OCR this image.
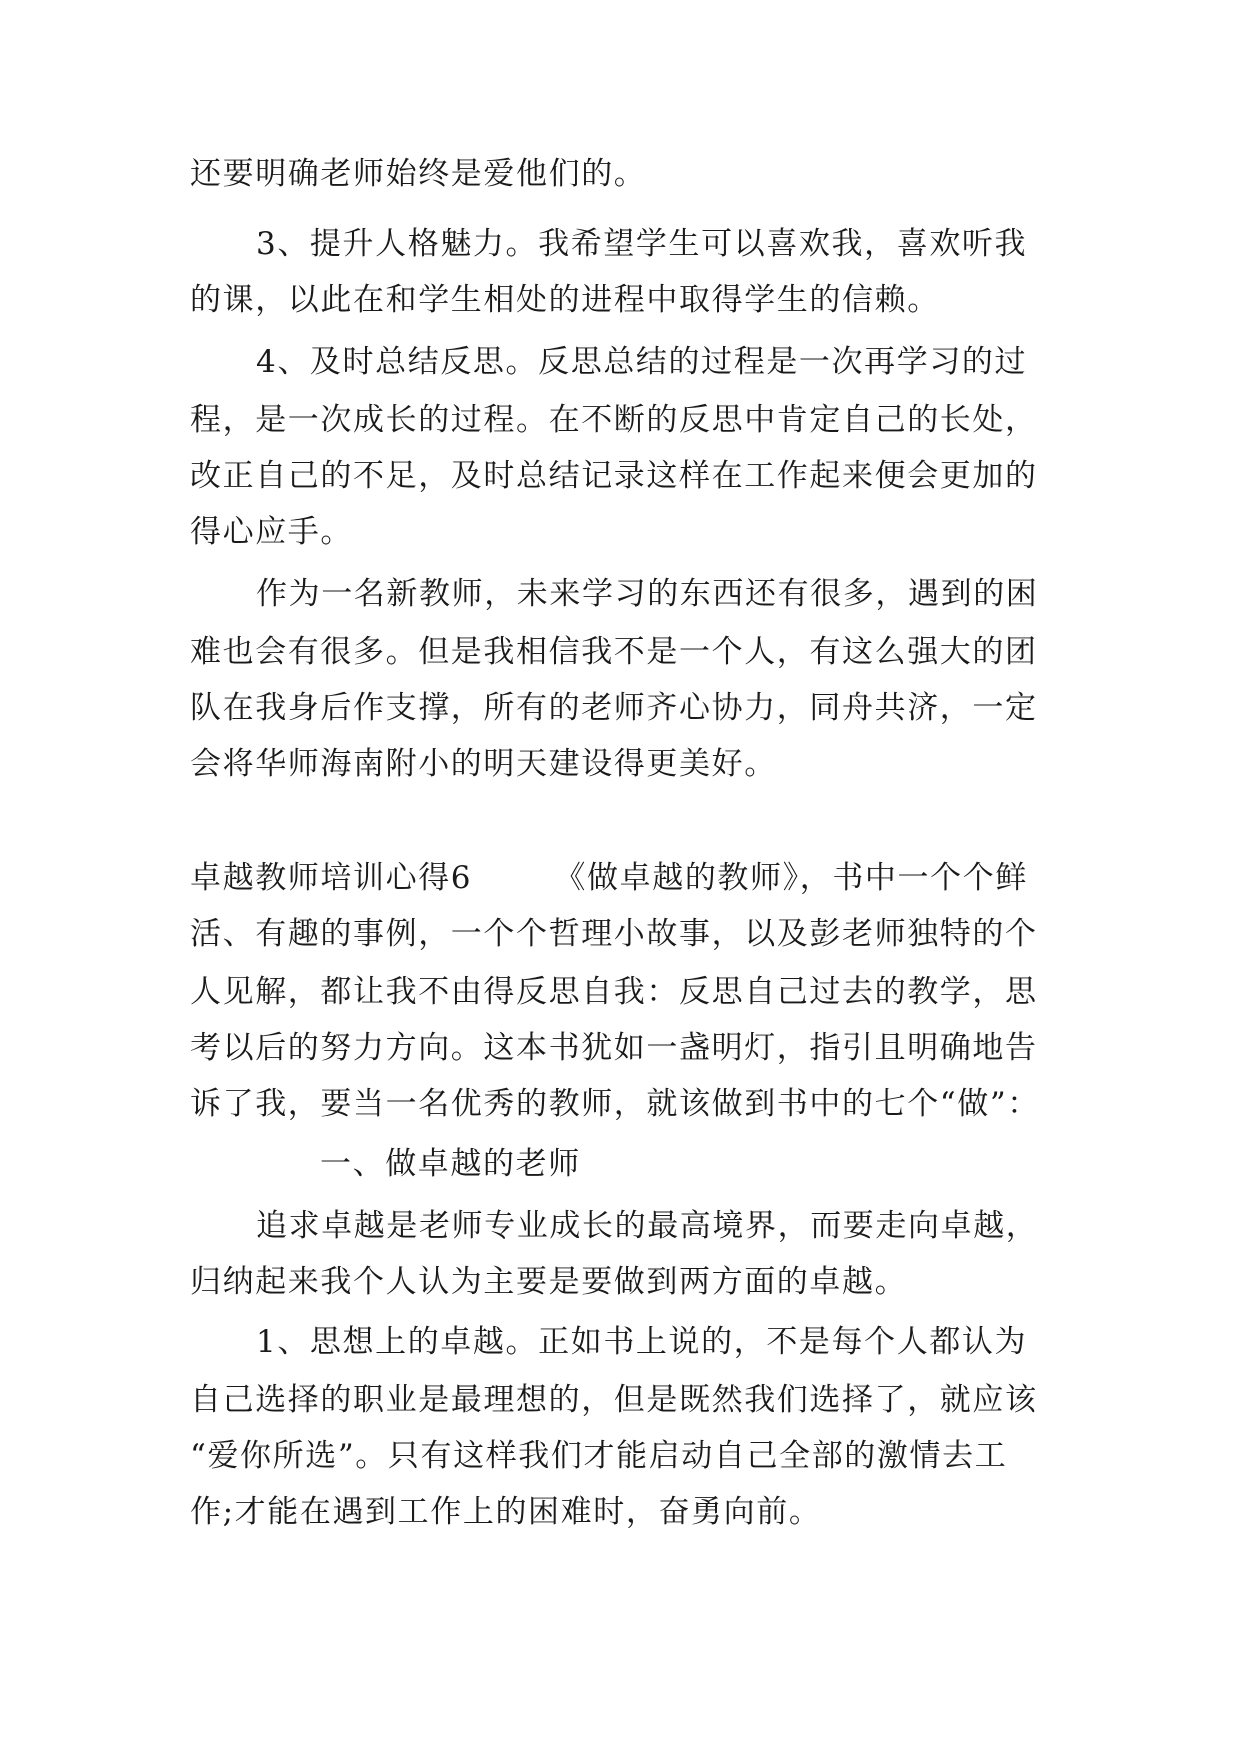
还要明确老师始终是爱他们的。

3、提升人格魅力。我希望学生可以喜欢我，喜欢听我

的课，以此在和学生相处的进程中取得学生的信赖。

4、及时总结反思。反思总结的过程是一次再学习的过

程，是一次成长的过程。在不断的反思中肯定自己的长处，

改正自己的不足，及时总结记录这样在工作起来便会更加的

得心应手。

作为一名新教师，未来学习的东西还有很多，遇到的困

难也会有很多。但是我相信我不是一个人，有这么强大的团

队在我身后作支撑，所有的老师齐心协力，同舟共济，一定

会将华师海南附小的明天建设得更美好。

卓越教师培训心得6　　　《做卓越的教师》，书中一个个鲜

活、有趣的事例，一个个哲理小故事，以及彭老师独特的个

人见解，都让我不由得反思自我：反思自己过去的教学，思

考以后的努力方向。这本书犹如一盏明灯，指引且明确地告

诉了我，要当一名优秀的教师，就该做到书中的七个“做”：

一、做卓越的老师

追求卓越是老师专业成长的最高境界，而要走向卓越，

归纳起来我个人认为主要是要做到两方面的卓越。

1、思想上的卓越。正如书上说的，不是每个人都认为

自己选择的职业是最理想的，但是既然我们选择了，就应该

“爱你所选”。只有这样我们才能启动自己全部的激情去工

作;才能在遇到工作上的困难时，奋勇向前。
